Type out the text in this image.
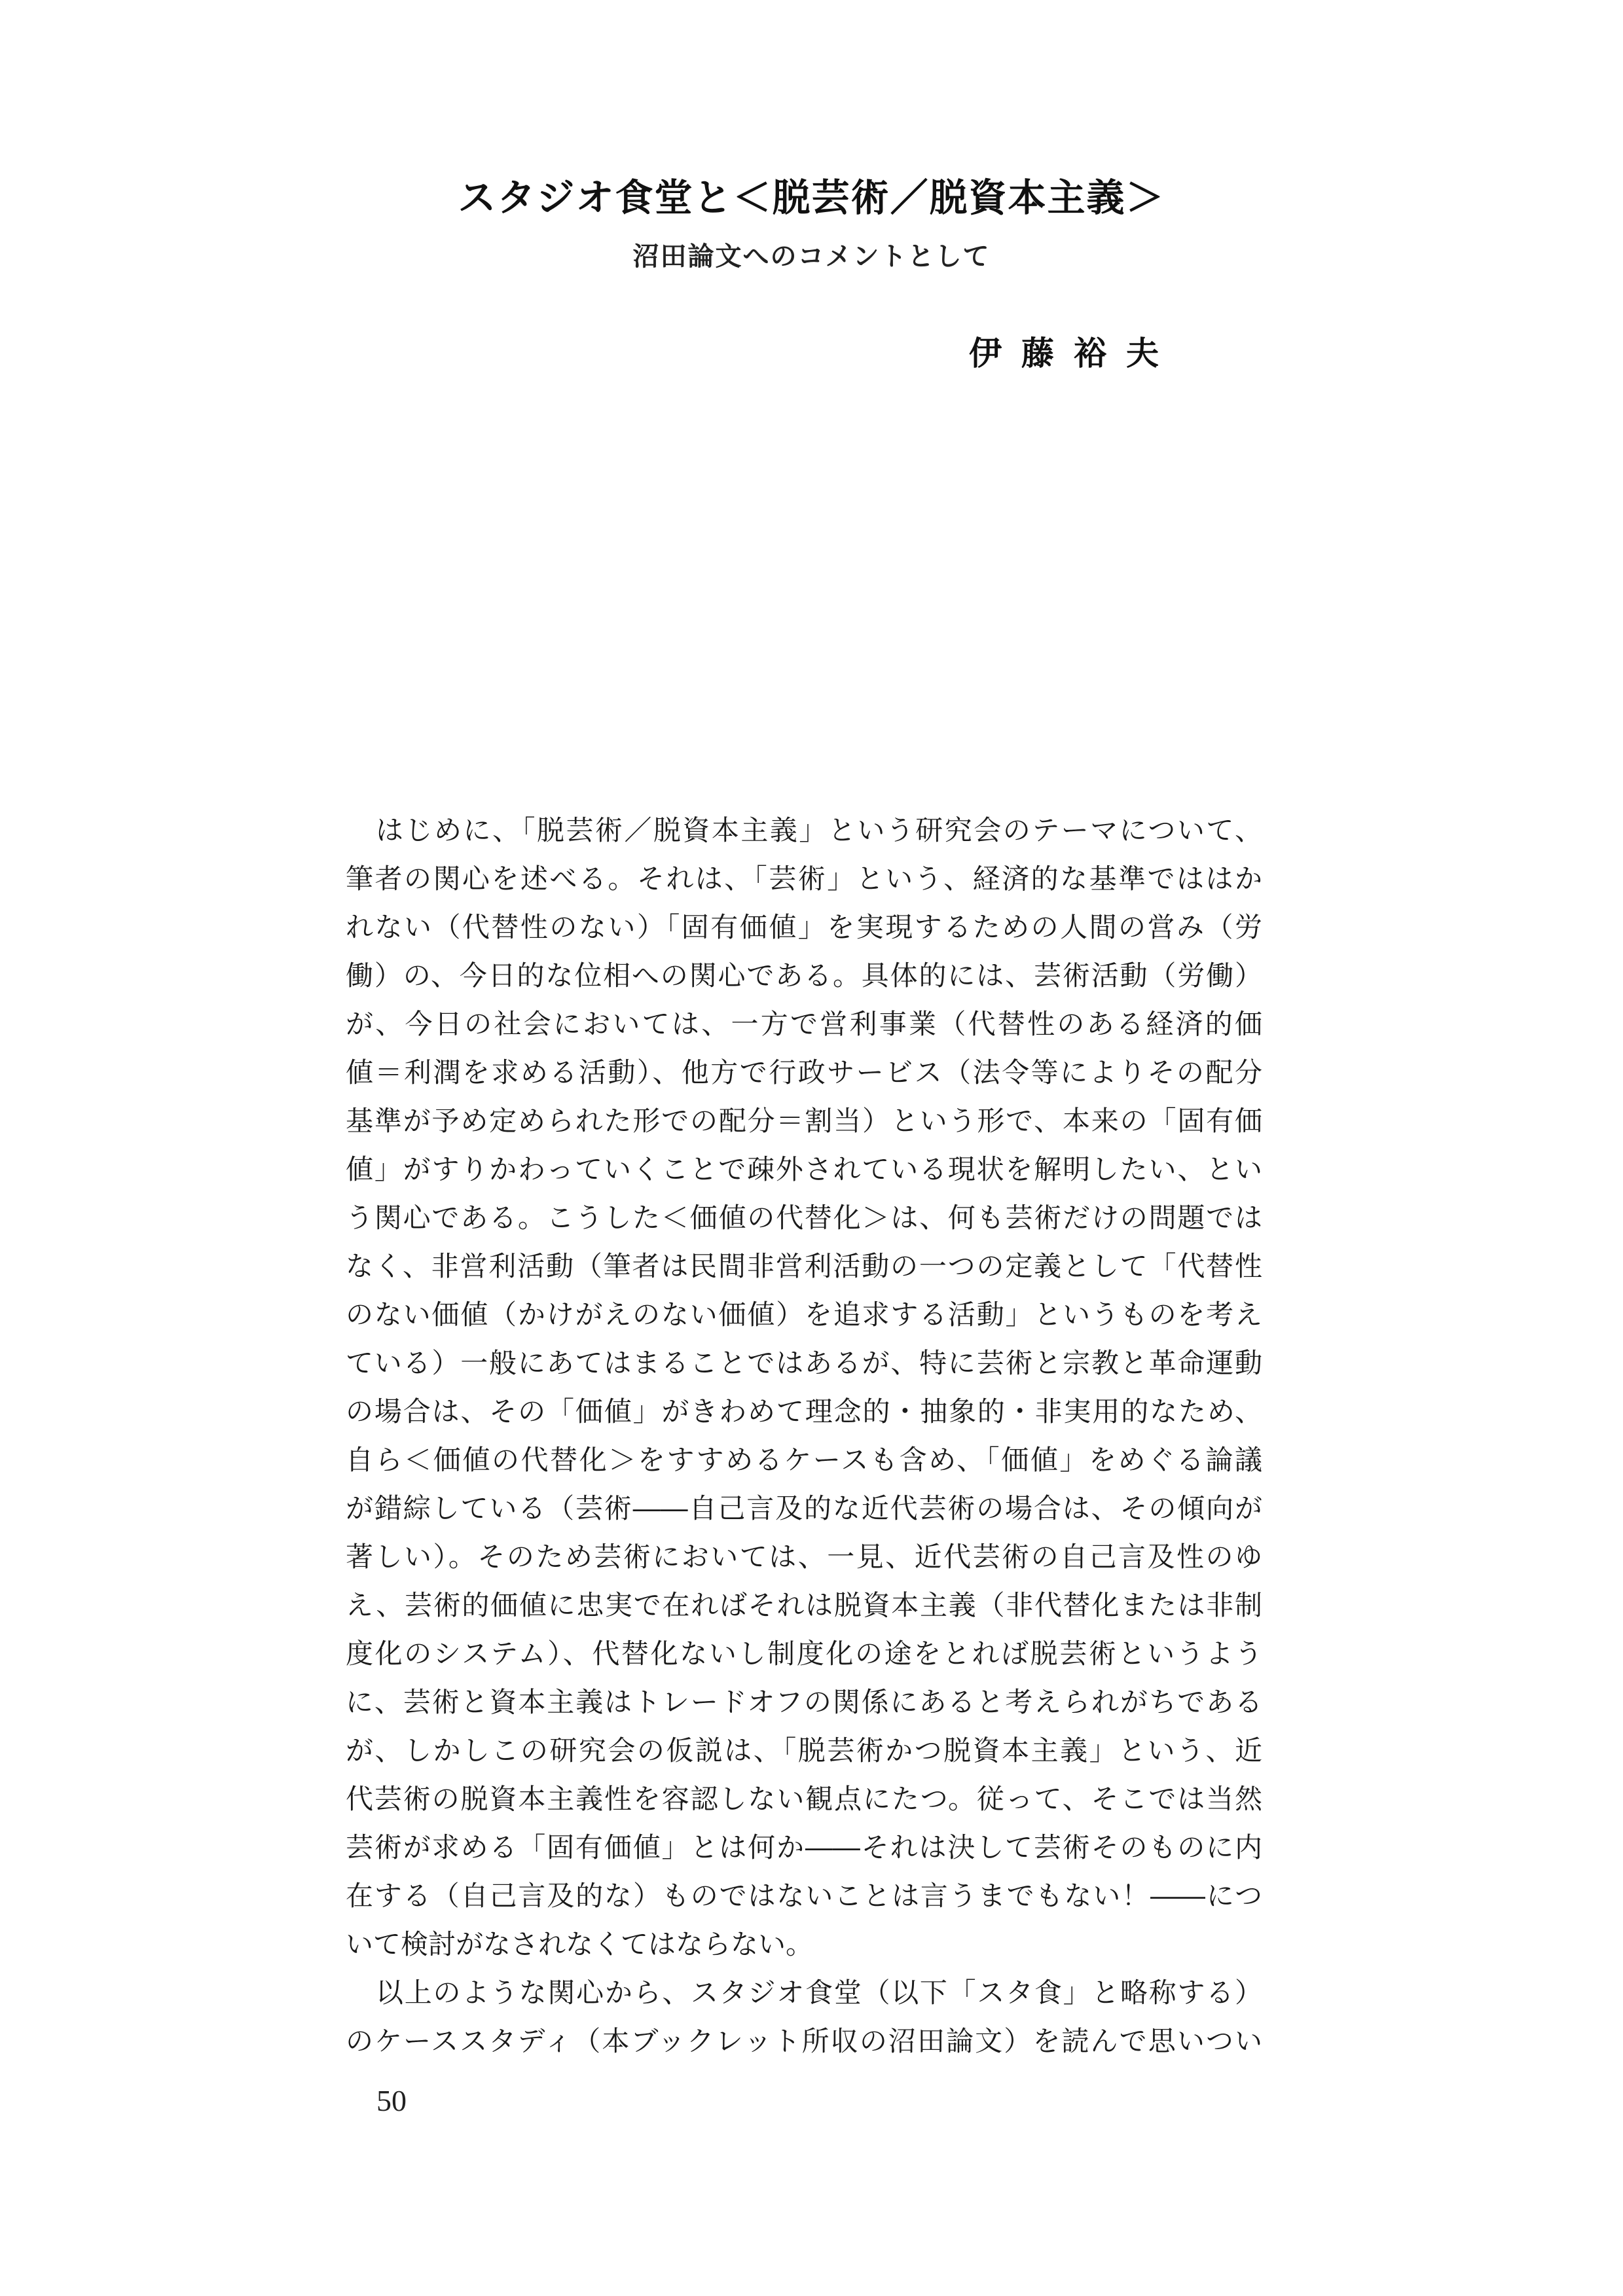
スタジオ食堂と＜脱芸術／脱資本主義＞
沼田論文へのコメントとして

伊藤裕夫

はじめに、「脱芸術／脱資本主義」という研究会のテーマについて、
筆者の関心を述べる。それは、「芸術」という、経済的な基準でははか
れない（代替性のない）「固有価値」を実現するための人間の営み（労
働）の、今日的な位相への関心である。具体的には、芸術活動（労働）
が、今日の社会においては、一方で営利事業（代替性のある経済的価
値＝利潤を求める活動）、他方で行政サービス（法令等によりその配分
基準が予め定められた形での配分＝割当）という形で、本来の「固有価
値」がすりかわっていくことで疎外されている現状を解明したい、とい
う関心である。こうした＜価値の代替化＞は、何も芸術だけの問題では
なく、非営利活動（筆者は民間非営利活動の一つの定義として「代替性
のない価値（かけがえのない価値）を追求する活動」というものを考え
ている）一般にあてはまることではあるが、特に芸術と宗教と革命運動
の場合は、その「価値」がきわめて理念的・抽象的・非実用的なため、
自ら＜価値の代替化＞をすすめるケースも含め、「価値」をめぐる論議
が錯綜している（芸術――自己言及的な近代芸術の場合は、その傾向が
著しい）。そのため芸術においては、一見、近代芸術の自己言及性のゆ
え、芸術的価値に忠実で在ればそれは脱資本主義（非代替化または非制
度化のシステム）、代替化ないし制度化の途をとれば脱芸術というよう
に、芸術と資本主義はトレードオフの関係にあると考えられがちである
が、しかしこの研究会の仮説は、「脱芸術かつ脱資本主義」という、近
代芸術の脱資本主義性を容認しない観点にたつ。従って、そこでは当然
芸術が求める「固有価値」とは何か――それは決して芸術そのものに内
在する（自己言及的な）ものではないことは言うまでもない！――につ
いて検討がなされなくてはならない。
以上のような関心から、スタジオ食堂（以下「スタ食」と略称する）
のケーススタディ（本ブックレット所収の沼田論文）を読んで思いつい

50
